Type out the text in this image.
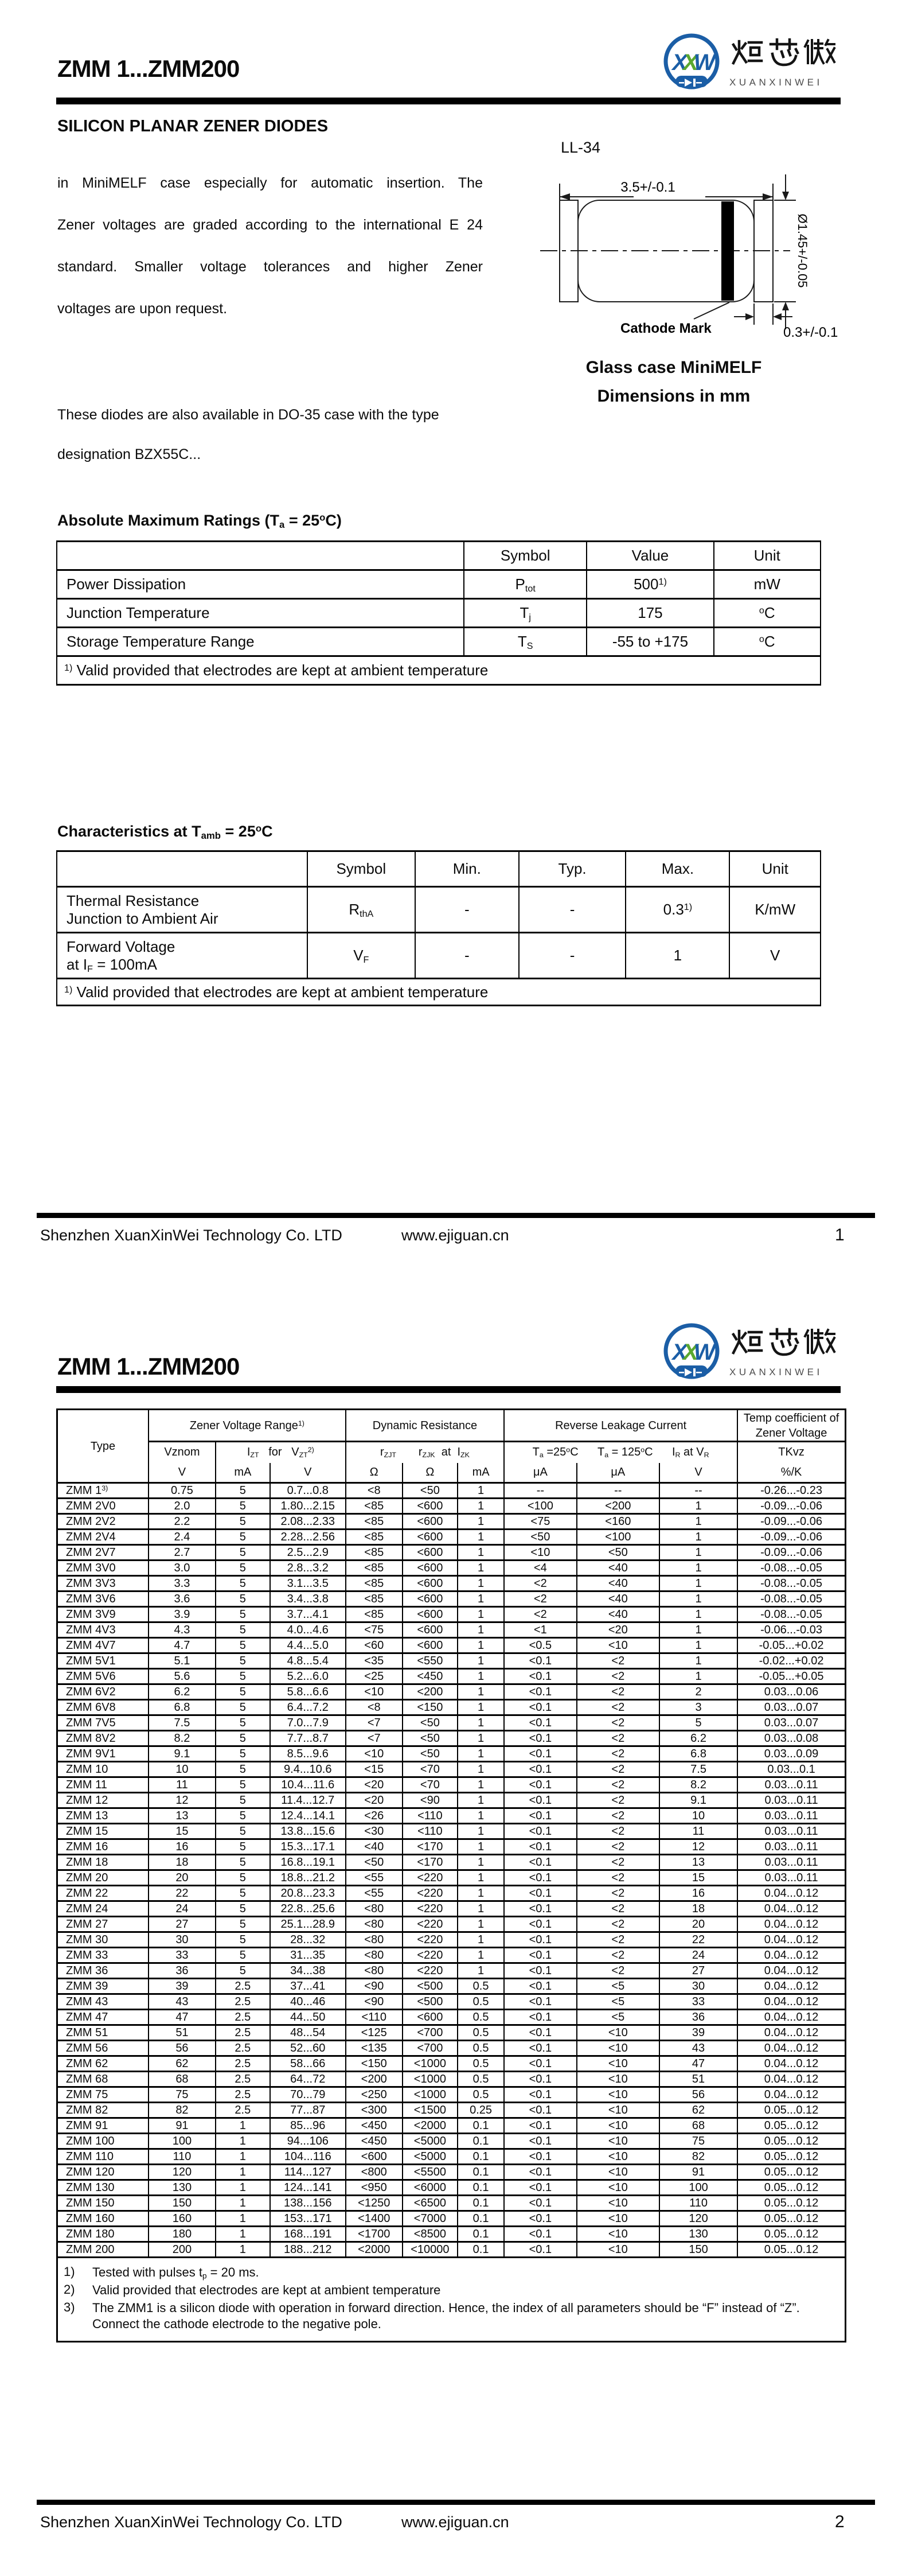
ZMM 1...ZMM200	XXW
XUANXINWEI
SILICON PLANAR ZENER DIODES

in MiniMELF case especially for automatic insertion. The
Zener voltages are graded according to the international E 24
standard. Smaller voltage tolerances and higher Zener
voltages are upon request.

These diodes are also available in DO-35 case with the type
designation BZX55C...

LL-34
3.5+/-0.1
Ø1.45+/-0.05
0.3+/-0.1
Cathode Mark
Glass case MiniMELF
Dimensions in mm
Absolute Maximum Ratings $(T_a = 25^oC)$
	Symbol	Value	Unit
Power Dissipation	$P_{tot}$	500$^{1)}$	mW
Junction Temperature	$T_j$	175	$^o$C
Storage Temperature Range	$T_S$	-55 to +175	$^o$C
$^{1)}$ Valid provided that electrodes are kept at ambient temperature			
Characteristics at $T_{amb} = 25^oC$
	Symbol	Min.	Typ.	Max.	Unit
Thermal Resistance
Junction to Ambient Air	$R_{thA}$	-	-	0.3$^{1)}$	K/mW
Forward Voltage
at $I_F = 100mA$	$V_F$	-	-	1	V
$^{1)}$ Valid provided that electrodes are kept at ambient temperature					
Shenzhen XuanXinWei Technology Co. LTD	www.ejiguan.cn	1
ZMM 1...ZMM200
XXW
XUANXINWEI
Type	Zener Voltage Range$^{1)}$			Dynamic Resistance			Reverse Leakage Current			Temp coefficient of Zener Voltage
	Vznom	$I_{ZT}$   for   $V_{ZT}^{2)}$		$r_{ZJT}$       $r_{ZJK}$  at  $I_{ZK}$			$T_a =25^oC$      $T_a = 125^oC$      $I_R$ at $V_R$			TKvz
	V	mA	V	Ω	Ω	mA	μA	μA	V	%/K
ZMM 1$^{3)}$	0.75	5	0.7...0.8	<8	<50	1	--	--	--	-0.26...-0.23
ZMM 2V0	2.0	5	1.80...2.15	<85	<600	1	<100	<200	1	-0.09...-0.06
ZMM 2V2	2.2	5	2.08...2.33	<85	<600	1	<75	<160	1	-0.09...-0.06
ZMM 2V4	2.4	5	2.28...2.56	<85	<600	1	<50	<100	1	-0.09...-0.06
ZMM 2V7	2.7	5	2.5...2.9	<85	<600	1	<10	<50	1	-0.09...-0.06
ZMM 3V0	3.0	5	2.8...3.2	<85	<600	1	<4	<40	1	-0.08...-0.05
ZMM 3V3	3.3	5	3.1...3.5	<85	<600	1	<2	<40	1	-0.08...-0.05
ZMM 3V6	3.6	5	3.4...3.8	<85	<600	1	<2	<40	1	-0.08...-0.05
ZMM 3V9	3.9	5	3.7...4.1	<85	<600	1	<2	<40	1	-0.08...-0.05
ZMM 4V3	4.3	5	4.0...4.6	<75	<600	1	<1	<20	1	-0.06...-0.03
ZMM 4V7	4.7	5	4.4...5.0	<60	<600	1	<0.5	<10	1	-0.05...+0.02
ZMM 5V1	5.1	5	4.8...5.4	<35	<550	1	<0.1	<2	1	-0.02...+0.02
ZMM 5V6	5.6	5	5.2...6.0	<25	<450	1	<0.1	<2	1	-0.05...+0.05
ZMM 6V2	6.2	5	5.8...6.6	<10	<200	1	<0.1	<2	2	0.03...0.06
ZMM 6V8	6.8	5	6.4...7.2	<8	<150	1	<0.1	<2	3	0.03...0.07
ZMM 7V5	7.5	5	7.0...7.9	<7	<50	1	<0.1	<2	5	0.03...0.07
ZMM 8V2	8.2	5	7.7...8.7	<7	<50	1	<0.1	<2	6.2	0.03...0.08
ZMM 9V1	9.1	5	8.5...9.6	<10	<50	1	<0.1	<2	6.8	0.03...0.09
ZMM 10	10	5	9.4...10.6	<15	<70	1	<0.1	<2	7.5	0.03...0.1
ZMM 11	11	5	10.4...11.6	<20	<70	1	<0.1	<2	8.2	0.03...0.11
ZMM 12	12	5	11.4...12.7	<20	<90	1	<0.1	<2	9.1	0.03...0.11
ZMM 13	13	5	12.4...14.1	<26	<110	1	<0.1	<2	10	0.03...0.11
ZMM 15	15	5	13.8...15.6	<30	<110	1	<0.1	<2	11	0.03...0.11
ZMM 16	16	5	15.3...17.1	<40	<170	1	<0.1	<2	12	0.03...0.11
ZMM 18	18	5	16.8...19.1	<50	<170	1	<0.1	<2	13	0.03...0.11
ZMM 20	20	5	18.8...21.2	<55	<220	1	<0.1	<2	15	0.03...0.11
ZMM 22	22	5	20.8...23.3	<55	<220	1	<0.1	<2	16	0.04...0.12
ZMM 24	24	5	22.8...25.6	<80	<220	1	<0.1	<2	18	0.04...0.12
ZMM 27	27	5	25.1...28.9	<80	<220	1	<0.1	<2	20	0.04...0.12
ZMM 30	30	5	28...32	<80	<220	1	<0.1	<2	22	0.04...0.12
ZMM 33	33	5	31...35	<80	<220	1	<0.1	<2	24	0.04...0.12
ZMM 36	36	5	34...38	<80	<220	1	<0.1	<2	27	0.04...0.12
ZMM 39	39	2.5	37...41	<90	<500	0.5	<0.1	<5	30	0.04...0.12
ZMM 43	43	2.5	40...46	<90	<500	0.5	<0.1	<5	33	0.04...0.12
ZMM 47	47	2.5	44...50	<110	<600	0.5	<0.1	<5	36	0.04...0.12
ZMM 51	51	2.5	48...54	<125	<700	0.5	<0.1	<10	39	0.04...0.12
ZMM 56	56	2.5	52...60	<135	<700	0.5	<0.1	<10	43	0.04...0.12
ZMM 62	62	2.5	58...66	<150	<1000	0.5	<0.1	<10	47	0.04...0.12
ZMM 68	68	2.5	64...72	<200	<1000	0.5	<0.1	<10	51	0.04...0.12
ZMM 75	75	2.5	70...79	<250	<1000	0.5	<0.1	<10	56	0.04...0.12
ZMM 82	82	2.5	77...87	<300	<1500	0.25	<0.1	<10	62	0.05...0.12
ZMM 91	91	1	85...96	<450	<2000	0.1	<0.1	<10	68	0.05...0.12
ZMM 100	100	1	94...106	<450	<5000	0.1	<0.1	<10	75	0.05...0.12
ZMM 110	110	1	104...116	<600	<5000	0.1	<0.1	<10	82	0.05...0.12
ZMM 120	120	1	114...127	<800	<5500	0.1	<0.1	<10	91	0.05...0.12
ZMM 130	130	1	124...141	<950	<6000	0.1	<0.1	<10	100	0.05...0.12
ZMM 150	150	1	138...156	<1250	<6500	0.1	<0.1	<10	110	0.05...0.12
ZMM 160	160	1	153...171	<1400	<7000	0.1	<0.1	<10	120	0.05...0.12
ZMM 180	180	1	168...191	<1700	<8500	0.1	<0.1	<10	130	0.05...0.12
ZMM 200	200	1	188...212	<2000	<10000	0.1	<0.1	<10	150	0.05...0.12
1)	Tested with pulses $t_p = 20$ ms.
2)	Valid provided that electrodes are kept at ambient temperature
3)	The ZMM1 is a silicon diode with operation in forward direction. Hence, the index of all parameters should be “F” instead of “Z”. Connect the cathode electrode to the negative pole.
Shenzhen XuanXinWei Technology Co. LTD	www.ejiguan.cn	2
